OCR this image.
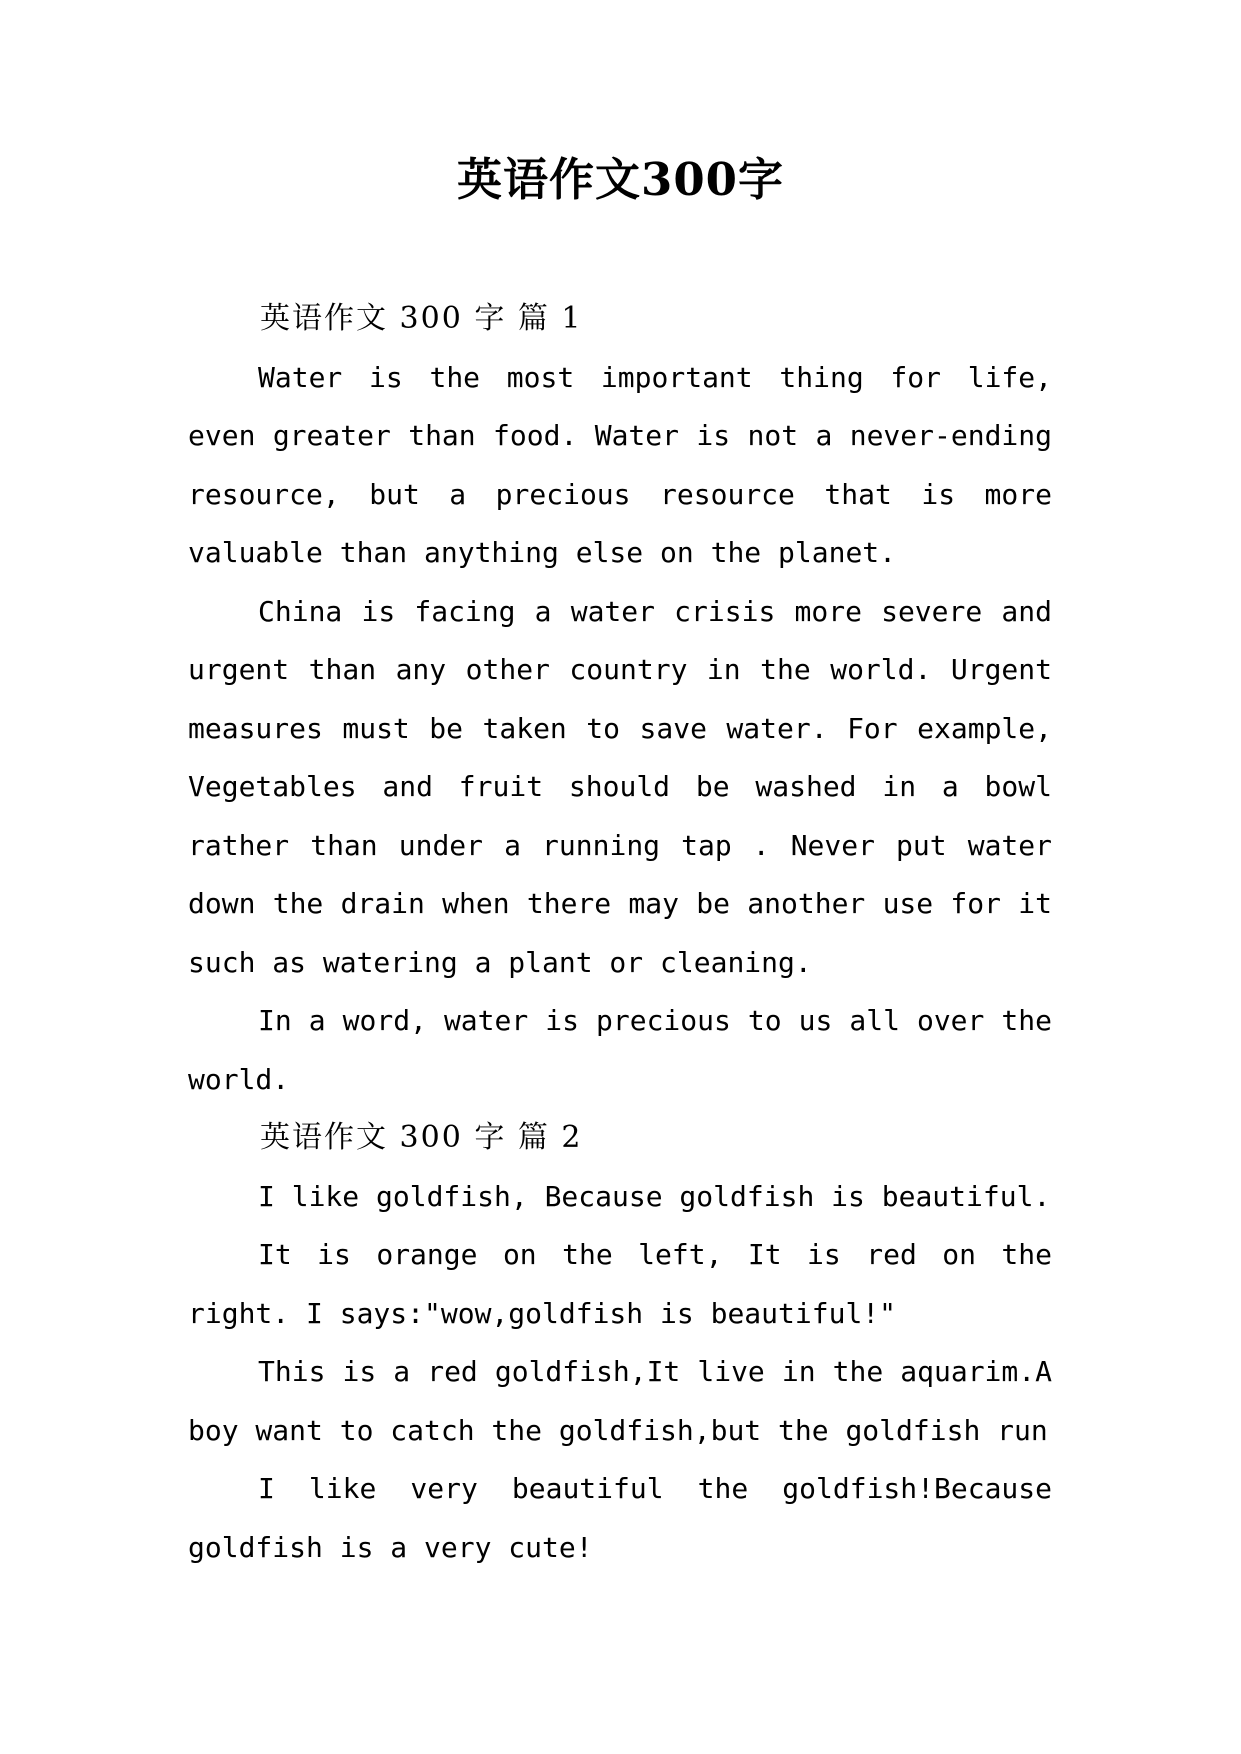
英语作文300字

英语作文 300 字 篇 1

Water is the most important thing for life, even greater than food. Water is not a never-ending resource, but a precious resource that is more valuable than anything else on the planet.

China is facing a water crisis more severe and urgent than any other country in the world. Urgent measures must be taken to save water. For example, Vegetables and fruit should be washed in a bowl rather than under a running tap . Never put water down the drain when there may be another use for it such as watering a plant or cleaning.

In a word, water is precious to us all over the world.

英语作文 300 字 篇 2

I like goldfish, Because goldfish is beautiful.

It is orange on the left, It is red on the right. I says:"wow,goldfish is beautiful!"

This is a red goldfish,It live in the aquarim.A boy want to catch the goldfish,but the goldfish run

I like very beautiful the goldfish!Because goldfish is a very cute!
